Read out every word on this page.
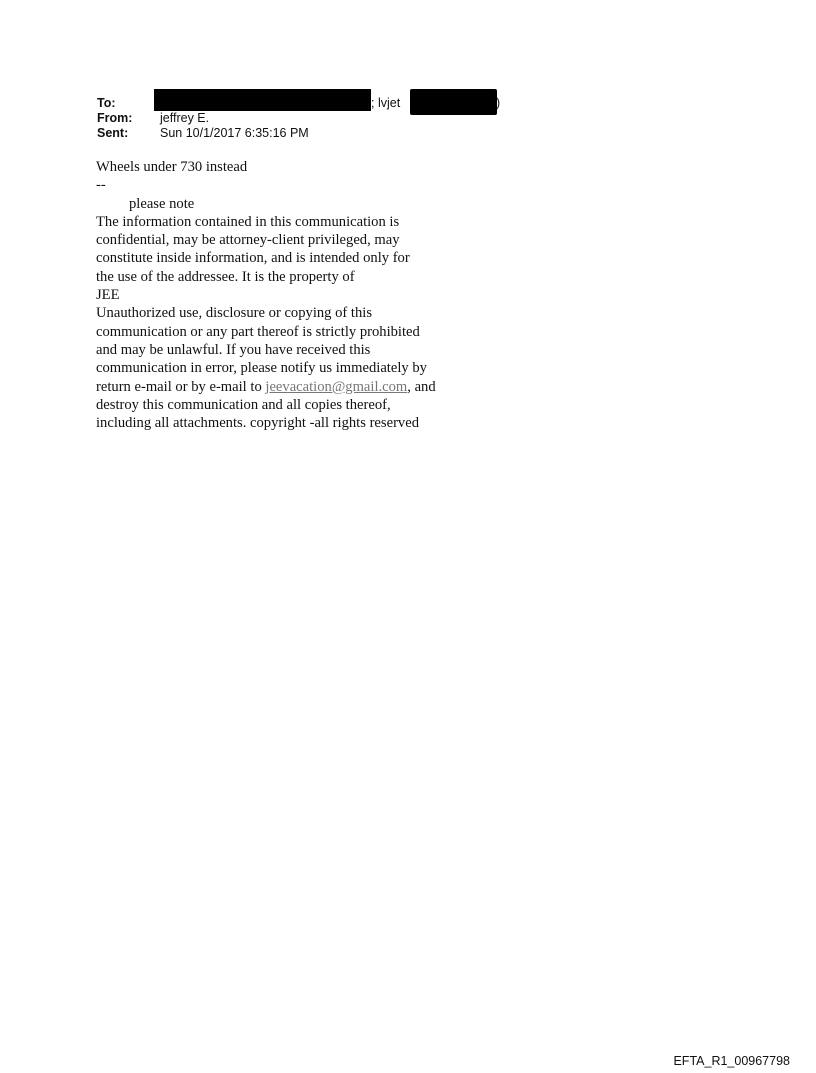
To:	; lvjet	)
From: jeffrey E.
Sent:	Sun 10/1/2017 6:35:16 PM

Wheels under 730 instead

--

please note

The information contained in this communication is

confidential, may be attorney-client privileged, may

constitute inside information, and is intended only for

the use of the addressee. It is the property of

JEE

Unauthorized use, disclosure or copying of this

communication or any part thereof is strictly prohibited

and may be unlawful. If you have received this

communication in error, please notify us immediately by

return e-mail or by e-mail to jeevacation@gmail.com, and

destroy this communication and all copies thereof,

including all attachments. copyright -all rights reserved

EFTA_R1_00967798
